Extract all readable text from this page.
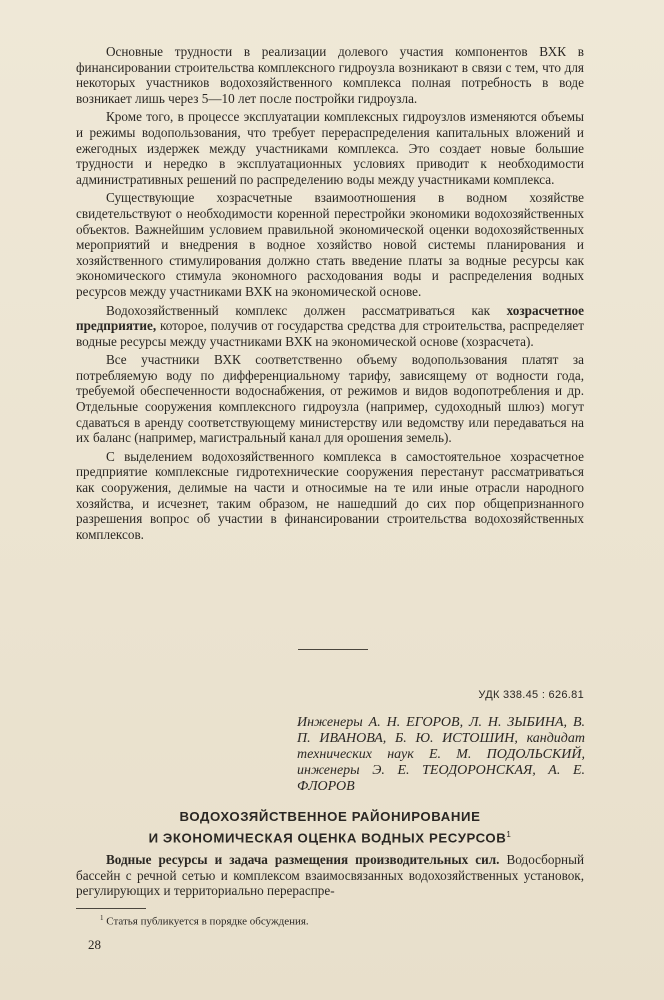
Основные трудности в реализации долевого участия компонентов ВХК в финансировании строительства комплексного гидроузла возникают в связи с тем, что для некоторых участников водохозяйственного комплекса полная потребность в воде возникает лишь через 5—10 лет после постройки гидроузла.

Кроме того, в процессе эксплуатации комплексных гидроузлов изменяются объемы и режимы водопользования, что требует перераспределения капитальных вложений и ежегодных издержек между участниками комплекса. Это создает новые большие трудности и нередко в эксплуатационных условиях приводит к необходимости административных решений по распределению воды между участниками комплекса.

Существующие хозрасчетные взаимоотношения в водном хозяйстве свидетельствуют о необходимости коренной перестройки экономики водохозяйственных объектов. Важнейшим условием правильной экономической оценки водохозяйственных мероприятий и внедрения в водное хозяйство новой системы планирования и хозяйственного стимулирования должно стать введение платы за водные ресурсы как экономического стимула экономного расходования воды и распределения водных ресурсов между участниками ВХК на экономической основе.

Водохозяйственный комплекс должен рассматриваться как хозрасчетное предприятие, которое, получив от государства средства для строительства, распределяет водные ресурсы между участниками ВХК на экономической основе (хозрасчета).

Все участники ВХК соответственно объему водопользования платят за потребляемую воду по дифференциальному тарифу, зависящему от водности года, требуемой обеспеченности водоснабжения, от режимов и видов водопотребления и др. Отдельные сооружения комплексного гидроузла (например, судоходный шлюз) могут сдаваться в аренду соответствующему министерству или ведомству или передаваться на их баланс (например, магистральный канал для орошения земель).

С выделением водохозяйственного комплекса в самостоятельное хозрасчетное предприятие комплексные гидротехнические сооружения перестанут рассматриваться как сооружения, делимые на части и относимые на те или иные отрасли народного хозяйства, и исчезнет, таким образом, не нашедший до сих пор общепризнанного разрешения вопрос об участии в финансировании строительства водохозяйственных комплексов.

УДК 338.45 : 626.81

Инженеры А. Н. ЕГОРОВ, Л. Н. ЗЫБИНА, В. П. ИВАНОВА, Б. Ю. ИСТОШИН, кандидат технических наук Е. М. ПОДОЛЬСКИЙ, инженеры Э. Е. ТЕОДОРОНСКАЯ, А. Е. ФЛОРОВ

ВОДОХОЗЯЙСТВЕННОЕ РАЙОНИРОВАНИЕ

И ЭКОНОМИЧЕСКАЯ ОЦЕНКА ВОДНЫХ РЕСУРСОВ$^1$

Водные ресурсы и задача размещения производительных сил. Водосборный бассейн с речной сетью и комплексом взаимосвязанных водохозяйственных установок, регулирующих и территориально перераспре-

$^1$ Статья публикуется в порядке обсуждения.
28
